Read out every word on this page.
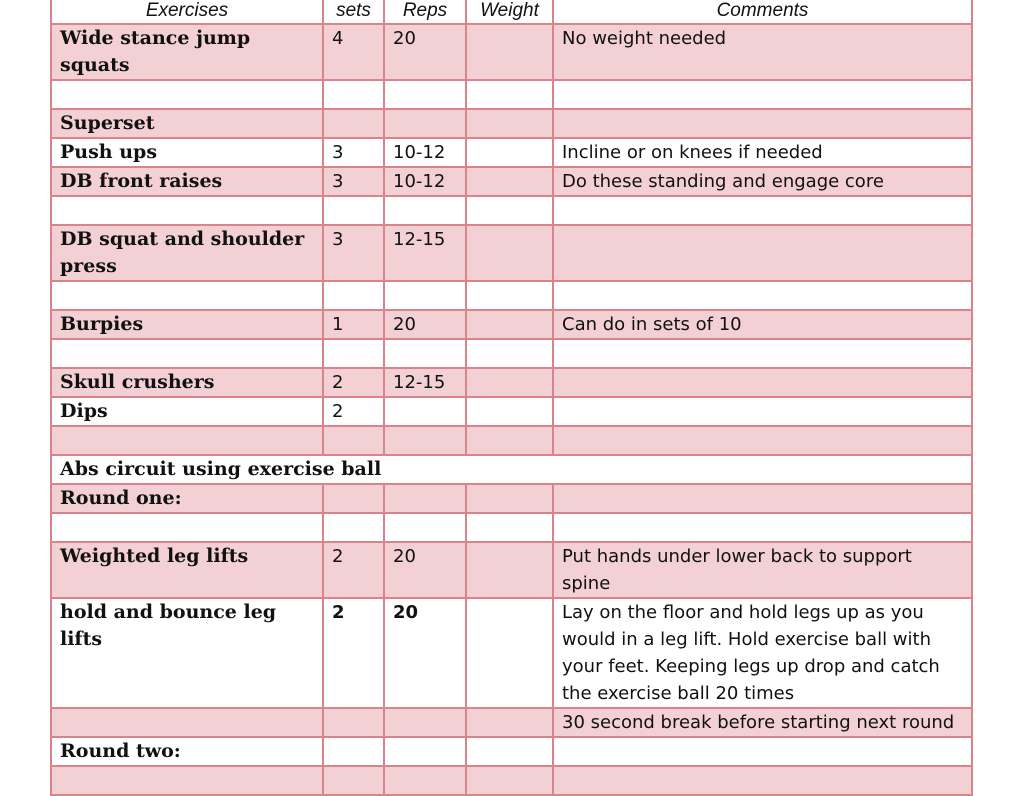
Exercises	sets	Reps	Weight	Comments
Wide stance jump squats	4	20		No weight needed

Superset				
Push ups	3	10-12		Incline or on knees if needed
DB front raises	3	10-12		Do these standing and engage core

DB squat and shoulder press	3	12-15		

Burpies	1	20		Can do in sets of 10

Skull crushers	2	12-15		
Dips	2			

Abs circuit using exercise ball				
Round one:				

Weighted leg lifts	2	20		Put hands under lower back to support spine
hold and bounce leg lifts	2	20		Lay on the floor and hold legs up as you would in a leg lift. Hold exercise ball with your feet. Keeping legs up drop and catch the exercise ball 20 times
				30 second break before starting next round
Round two:				
